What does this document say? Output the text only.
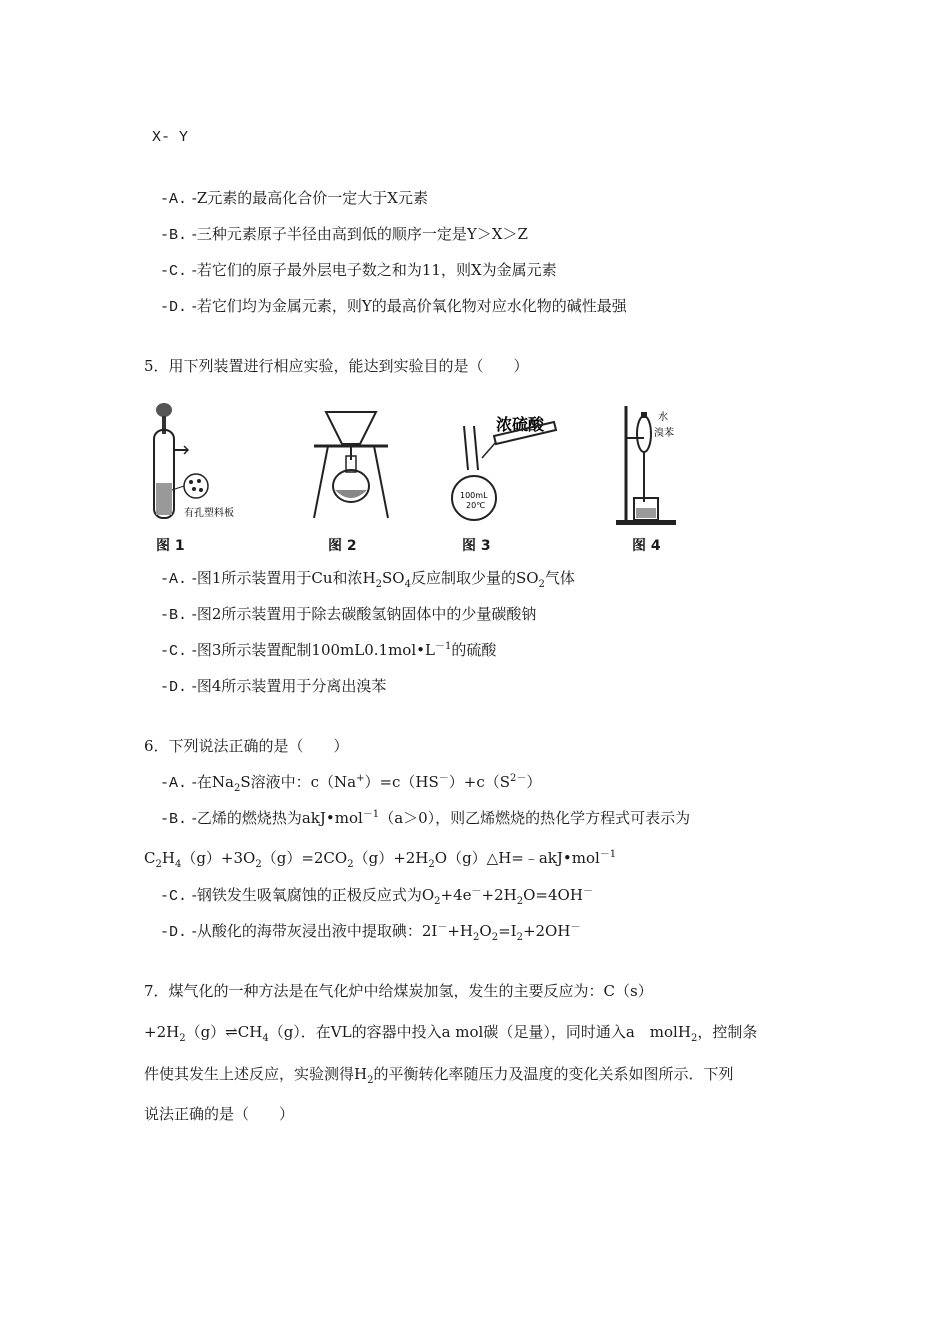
X- Y
-A. -Z元素的最高化合价一定大于X元素
-B. -三种元素原子半径由高到低的顺序一定是Y＞X＞Z
-C. -若它们的原子最外层电子数之和为11，则X为金属元素
-D. -若它们均为金属元素，则Y的最高价氧化物对应水化物的碱性最强
5．用下列装置进行相应实验，能达到实验目的是（　　）
有孔塑料板
图 1	图 2
浓硫酸
100mL
20℃
图 3
水
溴苯
图 4
-A. -图1所示装置用于Cu和浓$H_2SO_4$反应制取少量的$SO_2$气体
-B. -图2所示装置用于除去碳酸氢钠固体中的少量碳酸钠
-C. -图3所示装置配制$100mL0.1mol•L^{-1}$的硫酸
-D. -图4所示装置用于分离出溴苯
6．下列说法正确的是（　　）
-A. -在$Na_2S$溶液中：$c(Na^+)=c(HS^-)+c(S^{2-})$
-B. -乙烯的燃烧热为akJ•mol$^{-1}$（a＞0），则乙烯燃烧的热化学方程式可表示为
$C_2H_4(g)+3O_2(g)=2CO_2(g)+2H_2O(g)\triangle H=﹣akJ•mol^{-1}$
-C. -钢铁发生吸氧腐蚀的正极反应式为$O_2+4e^-+2H_2O=4OH^-$
-D. -从酸化的海带灰浸出液中提取碘：$2I^-+H_2O_2=I_2+2OH^-$
7．煤气化的一种方法是在气化炉中给煤炭加氢，发生的主要反应为：C（s）
$+2H_2(g)\rightleftharpoons CH_4(g)$．在VL的容器中投入a mol碳（足量），同时通入a　molH$_2$，控制条
件使其发生上述反应，实验测得$H_2$的平衡转化率随压力及温度的变化关系如图所示．下列
说法正确的是（　　）
